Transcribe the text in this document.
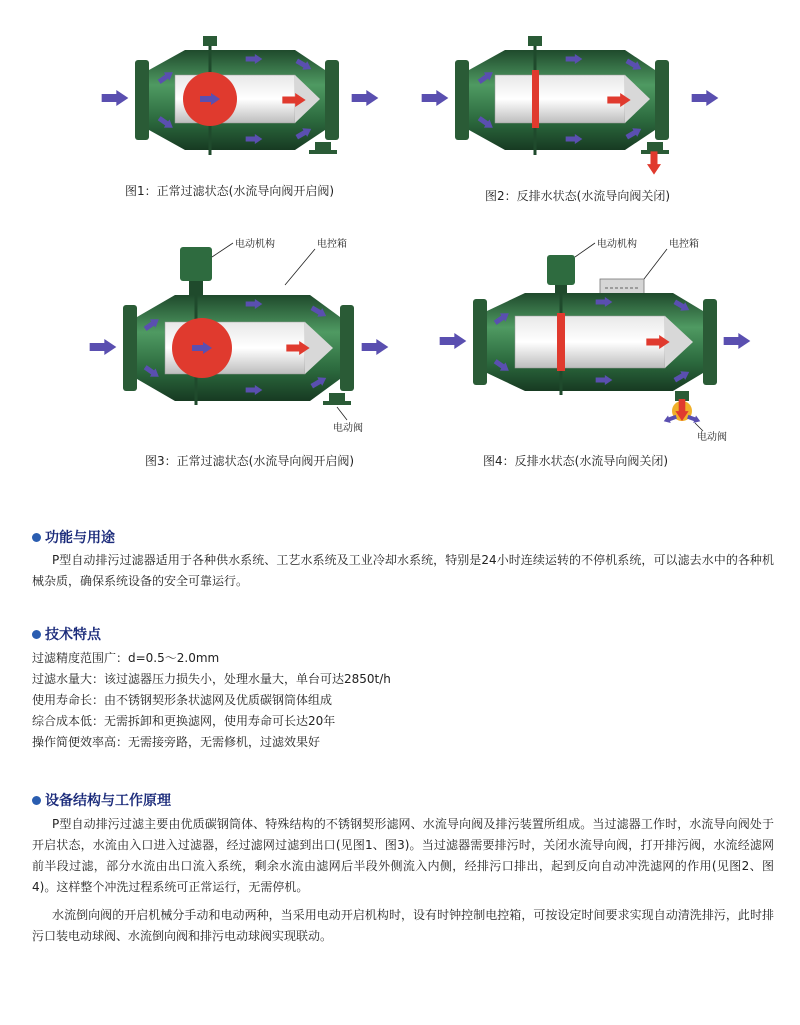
图1：正常过滤状态(水流导向阀开启阀)	图2：反排水状态(水流导向阀关闭)
电动机构	电控箱
电动阀
图3：正常过滤状态(水流导向阀开启阀)
电动机构	电控箱
电动阀
图4：反排水状态(水流导向阀关闭)
功能与用途
P型自动排污过滤器适用于各种供水系统、工艺水系统及工业冷却水系统，特别是24小时连续运转的不停机系统，可以滤去水中的各种机械杂质，确保系统设备的安全可靠运行。
技术特点
过滤精度范围广：d=0.5～2.0mm
过滤水量大：该过滤器压力损失小，处理水量大，单台可达2850t/h
使用寿命长：由不锈钢契形条状滤网及优质碳钢筒体组成
综合成本低：无需拆卸和更换滤网，使用寿命可长达20年
操作简便效率高：无需接旁路，无需修机，过滤效果好
设备结构与工作原理
P型自动排污过滤主要由优质碳钢筒体、特殊结构的不锈钢契形滤网、水流导向阀及排污装置所组成。当过滤器工作时，水流导向阀处于开启状态，水流由入口进入过滤器，经过滤网过滤到出口(见图1、图3)。当过滤器需要排污时，关闭水流导向阀，打开排污阀，水流经滤网前半段过滤，部分水流由出口流入系统，剩余水流由滤网后半段外侧流入内侧，经排污口排出，起到反向自动冲洗滤网的作用(见图2、图4)。这样整个冲洗过程系统可正常运行，无需停机。
水流倒向阀的开启机械分手动和电动两种，当采用电动开启机构时，设有时钟控制电控箱，可按设定时间要求实现自动清洗排污，此时排污口装电动球阀、水流倒向阀和排污电动球阀实现联动。
